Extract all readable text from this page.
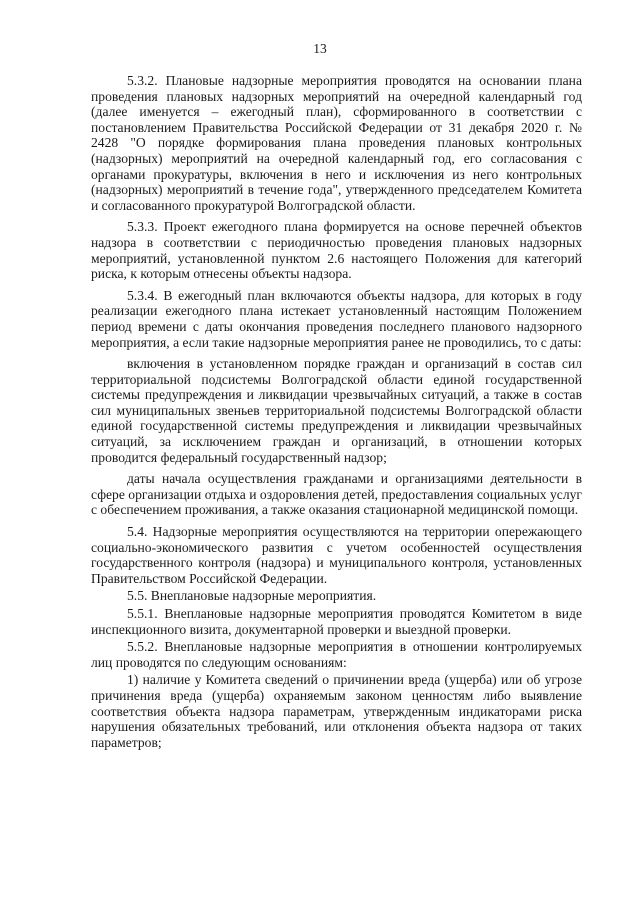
13

5.3.2. Плановые надзорные мероприятия проводятся на основании плана проведения плановых надзорных мероприятий на очередной календарный год (далее именуется – ежегодный план), сформированного в соответствии с постановлением Правительства Российской Федерации от 31 декабря 2020 г. № 2428 "О порядке формирования плана проведения плановых контрольных (надзорных) мероприятий на очередной календарный год, его согласования с органами прокуратуры, включения в него и исключения из него контрольных (надзорных) мероприятий в течение года", утвержденного председателем Комитета и согласованного прокуратурой Волгоградской области.

5.3.3. Проект ежегодного плана формируется на основе перечней объектов надзора в соответствии с периодичностью проведения плановых надзорных мероприятий, установленной пунктом 2.6 настоящего Положения для категорий риска, к которым отнесены объекты надзора.

5.3.4. В ежегодный план включаются объекты надзора, для которых в году реализации ежегодного плана истекает установленный настоящим Положением период времени с даты окончания проведения последнего планового надзорного мероприятия, а если такие надзорные мероприятия ранее не проводились, то с даты:

включения в установленном порядке граждан и организаций в состав сил территориальной подсистемы Волгоградской области единой государственной системы предупреждения и ликвидации чрезвычайных ситуаций, а также в состав сил муниципальных звеньев территориальной подсистемы Волгоградской области единой государственной системы предупреждения и ликвидации чрезвычайных ситуаций, за исключением граждан и организаций, в отношении которых проводится федеральный государственный надзор;

даты начала осуществления гражданами и организациями деятельности в сфере организации отдыха и оздоровления детей, предоставления социальных услуг с обеспечением проживания, а также оказания стационарной медицинской помощи.

5.4. Надзорные мероприятия осуществляются на территории опережающего социально-экономического развития с учетом особенностей осуществления государственного контроля (надзора) и муниципального контроля, установленных Правительством Российской Федерации.

5.5. Внеплановые надзорные мероприятия.

5.5.1. Внеплановые надзорные мероприятия проводятся Комитетом в виде инспекционного визита, документарной проверки и выездной проверки.

5.5.2. Внеплановые надзорные мероприятия в отношении контролируемых лиц проводятся по следующим основаниям:

1) наличие у Комитета сведений о причинении вреда (ущерба) или об угрозе причинения вреда (ущерба) охраняемым законом ценностям либо выявление соответствия объекта надзора параметрам, утвержденным индикаторами риска нарушения обязательных требований, или отклонения объекта надзора от таких параметров;
